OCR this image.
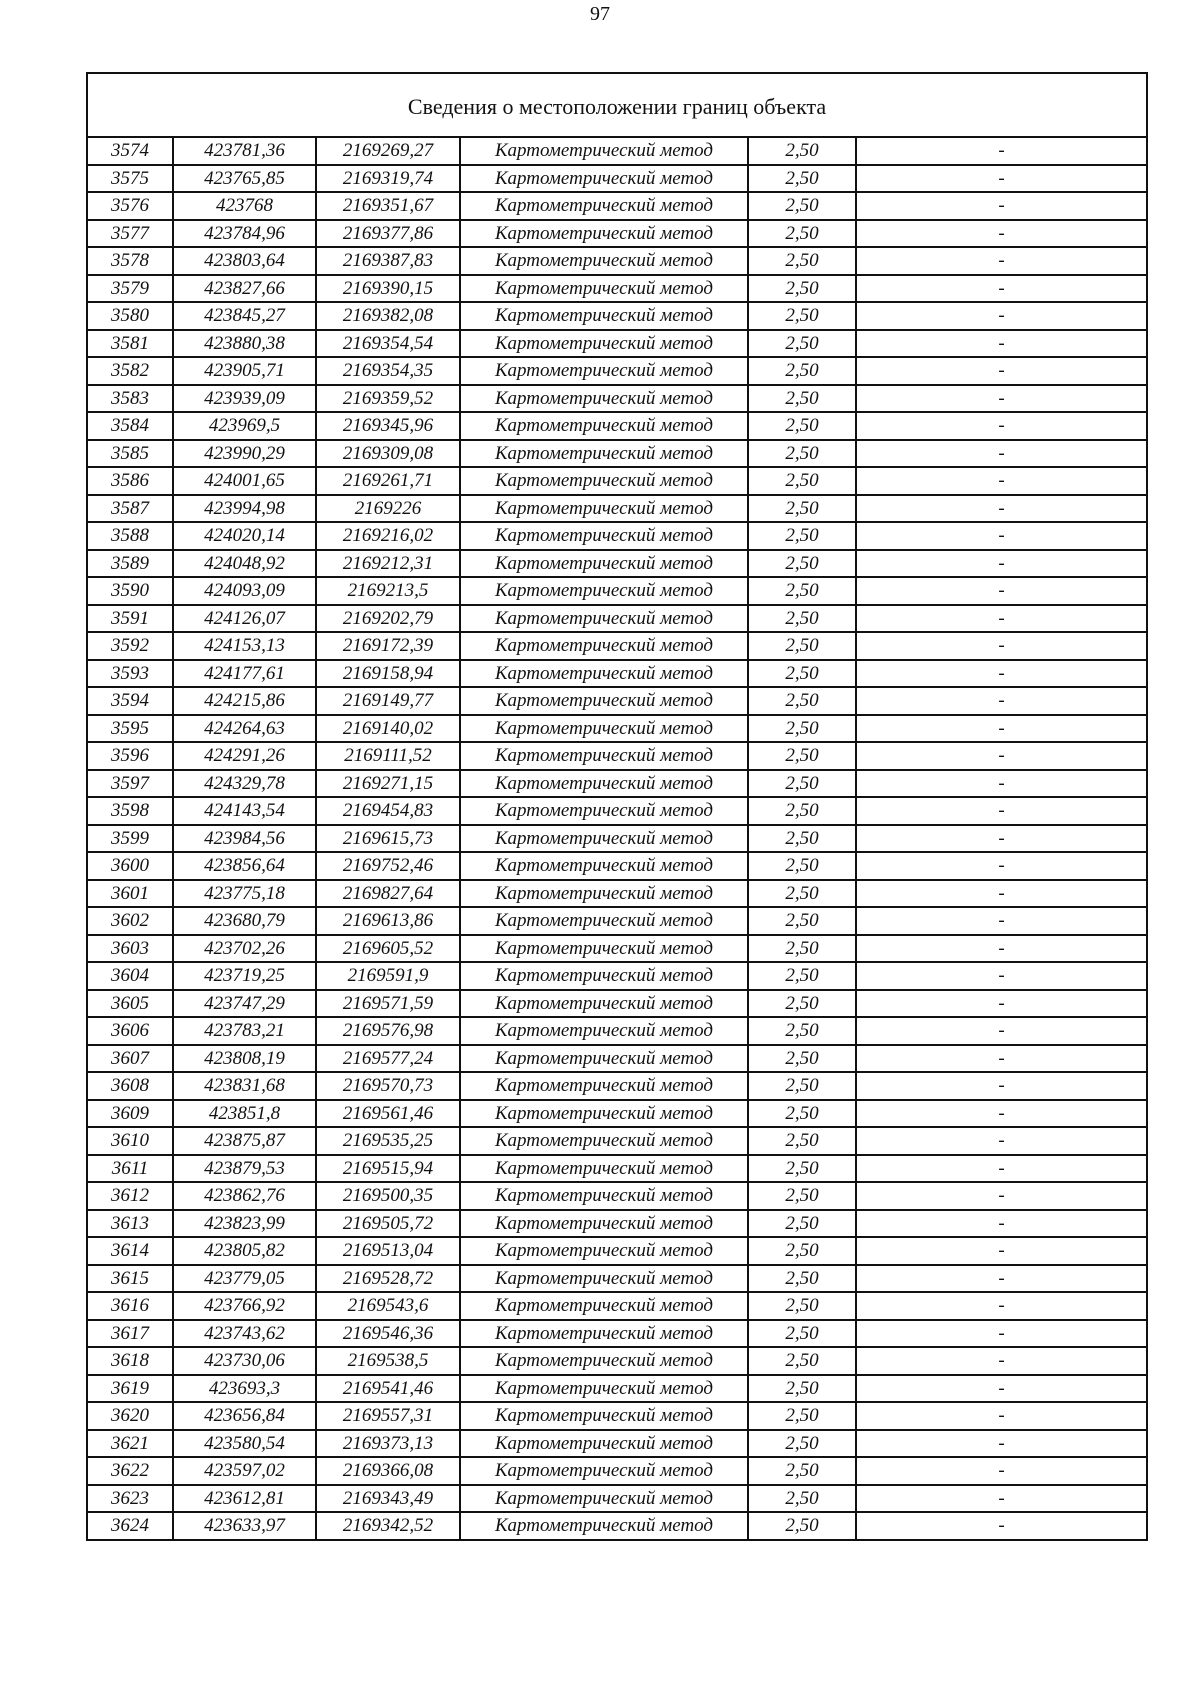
97
Сведения о местоположении границ объекта					
3574	423781,36	2169269,27	Картометрический метод	2,50	-
3575	423765,85	2169319,74	Картометрический метод	2,50	-
3576	423768	2169351,67	Картометрический метод	2,50	-
3577	423784,96	2169377,86	Картометрический метод	2,50	-
3578	423803,64	2169387,83	Картометрический метод	2,50	-
3579	423827,66	2169390,15	Картометрический метод	2,50	-
3580	423845,27	2169382,08	Картометрический метод	2,50	-
3581	423880,38	2169354,54	Картометрический метод	2,50	-
3582	423905,71	2169354,35	Картометрический метод	2,50	-
3583	423939,09	2169359,52	Картометрический метод	2,50	-
3584	423969,5	2169345,96	Картометрический метод	2,50	-
3585	423990,29	2169309,08	Картометрический метод	2,50	-
3586	424001,65	2169261,71	Картометрический метод	2,50	-
3587	423994,98	2169226	Картометрический метод	2,50	-
3588	424020,14	2169216,02	Картометрический метод	2,50	-
3589	424048,92	2169212,31	Картометрический метод	2,50	-
3590	424093,09	2169213,5	Картометрический метод	2,50	-
3591	424126,07	2169202,79	Картометрический метод	2,50	-
3592	424153,13	2169172,39	Картометрический метод	2,50	-
3593	424177,61	2169158,94	Картометрический метод	2,50	-
3594	424215,86	2169149,77	Картометрический метод	2,50	-
3595	424264,63	2169140,02	Картометрический метод	2,50	-
3596	424291,26	2169111,52	Картометрический метод	2,50	-
3597	424329,78	2169271,15	Картометрический метод	2,50	-
3598	424143,54	2169454,83	Картометрический метод	2,50	-
3599	423984,56	2169615,73	Картометрический метод	2,50	-
3600	423856,64	2169752,46	Картометрический метод	2,50	-
3601	423775,18	2169827,64	Картометрический метод	2,50	-
3602	423680,79	2169613,86	Картометрический метод	2,50	-
3603	423702,26	2169605,52	Картометрический метод	2,50	-
3604	423719,25	2169591,9	Картометрический метод	2,50	-
3605	423747,29	2169571,59	Картометрический метод	2,50	-
3606	423783,21	2169576,98	Картометрический метод	2,50	-
3607	423808,19	2169577,24	Картометрический метод	2,50	-
3608	423831,68	2169570,73	Картометрический метод	2,50	-
3609	423851,8	2169561,46	Картометрический метод	2,50	-
3610	423875,87	2169535,25	Картометрический метод	2,50	-
3611	423879,53	2169515,94	Картометрический метод	2,50	-
3612	423862,76	2169500,35	Картометрический метод	2,50	-
3613	423823,99	2169505,72	Картометрический метод	2,50	-
3614	423805,82	2169513,04	Картометрический метод	2,50	-
3615	423779,05	2169528,72	Картометрический метод	2,50	-
3616	423766,92	2169543,6	Картометрический метод	2,50	-
3617	423743,62	2169546,36	Картометрический метод	2,50	-
3618	423730,06	2169538,5	Картометрический метод	2,50	-
3619	423693,3	2169541,46	Картометрический метод	2,50	-
3620	423656,84	2169557,31	Картометрический метод	2,50	-
3621	423580,54	2169373,13	Картометрический метод	2,50	-
3622	423597,02	2169366,08	Картометрический метод	2,50	-
3623	423612,81	2169343,49	Картометрический метод	2,50	-
3624	423633,97	2169342,52	Картометрический метод	2,50	-
